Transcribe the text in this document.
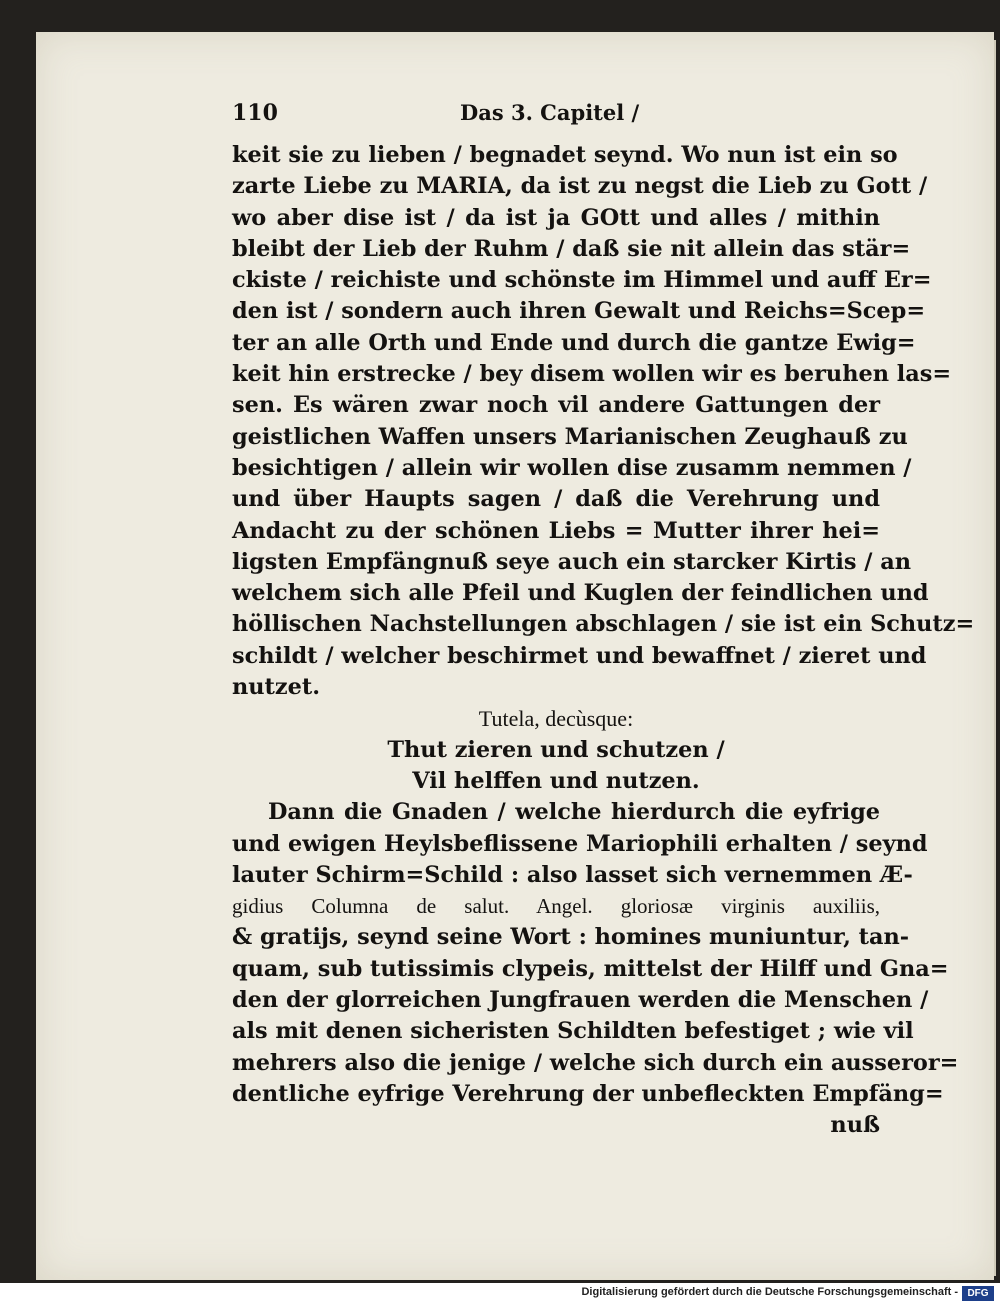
110	Das 3. Capitel /
keit sie zu lieben / begnadet seynd. Wo nun ist ein so
zarte Liebe zu MARIA, da ist zu negst die Lieb zu Gott /
wo aber dise ist / da ist ja GOtt und alles / mithin
bleibt der Lieb der Ruhm / daß sie nit allein das stär=
ckiste / reichiste und schönste im Himmel und auff Er=
den ist / sondern auch ihren Gewalt und Reichs=Scep=
ter an alle Orth und Ende und durch die gantze Ewig=
keit hin erstrecke / bey disem wollen wir es beruhen las=
sen. Es wären zwar noch vil andere Gattungen der
geistlichen Waffen unsers Marianischen Zeughauß zu
besichtigen / allein wir wollen dise zusamm nemmen /
und über Haupts sagen / daß die Verehrung und
Andacht zu der schönen Liebs = Mutter ihrer hei=
ligsten Empfängnuß seye auch ein starcker Kirtis / an
welchem sich alle Pfeil und Kuglen der feindlichen und
höllischen Nachstellungen abschlagen / sie ist ein Schutz=
schildt / welcher beschirmet und bewaffnet / zieret und
nutzet.
Tutela, decùsque:
Thut zieren und schutzen /
Vil helffen und nutzen.
Dann die Gnaden / welche hierdurch die eyfrige
und ewigen Heylsbeflissene Mariophili erhalten / seynd
lauter Schirm=Schild : also lasset sich vernemmen Æ-
gidius Columna de salut. Angel. gloriosæ virginis auxiliis,
& gratijs, seynd seine Wort : homines muniuntur, tan-
quam, sub tutissimis clypeis, mittelst der Hilff und Gna=
den der glorreichen Jungfrauen werden die Menschen /
als mit denen sicheristen Schildten befestiget ; wie vil
mehrers also die jenige / welche sich durch ein ausseror=
dentliche eyfrige Verehrung der unbefleckten Empfäng=
nuß
Digitalisierung gefördert durch die Deutsche Forschungsgemeinschaft - DFG
